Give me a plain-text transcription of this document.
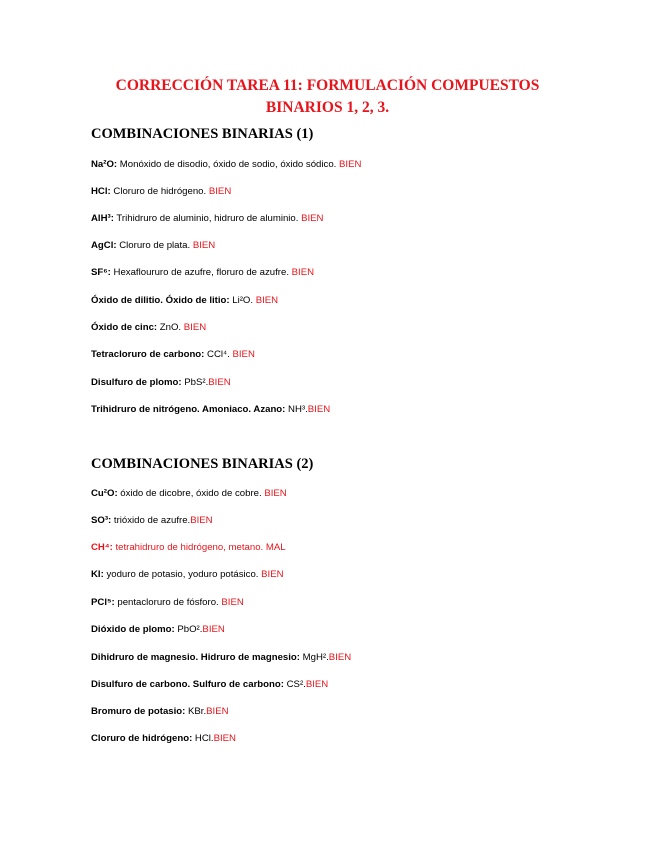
CORRECCIÓN TAREA 11: FORMULACIÓN COMPUESTOS BINARIOS 1, 2, 3.
COMBINACIONES BINARIAS (1)
Na²O: Monóxido de disodio, óxido de sodio, óxido sódico. BIEN
HCl: Cloruro de hidrógeno. BIEN
AlH³: Trihidruro de aluminio, hidruro de aluminio. BIEN
AgCl: Cloruro de plata. BIEN
SF⁶: Hexafloururo de azufre, floruro de azufre. BIEN
Óxido de dilitio. Óxido de litio: Li²O. BIEN
Óxido de cinc: ZnO. BIEN
Tetracloruro de carbono: CCl⁴. BIEN
Disulfuro de plomo: PbS².BIEN
Trihidruro de nitrógeno. Amoniaco. Azano: NH³.BIEN
COMBINACIONES BINARIAS (2)
Cu²O: óxido de dicobre, óxido de cobre. BIEN
SO³: trióxido de azufre.BIEN
CH⁴: tetrahidruro de hidrógeno, metano. MAL
KI: yoduro de potasio, yoduro potásico. BIEN
PCl⁵: pentacloruro de fósforo. BIEN
Dióxido de plomo: PbO².BIEN
Dihidruro de magnesio. Hidruro de magnesio: MgH².BIEN
Disulfuro de carbono. Sulfuro de carbono: CS².BIEN
Bromuro de potasio: KBr.BIEN
Cloruro de hidrógeno: HCl.BIEN
